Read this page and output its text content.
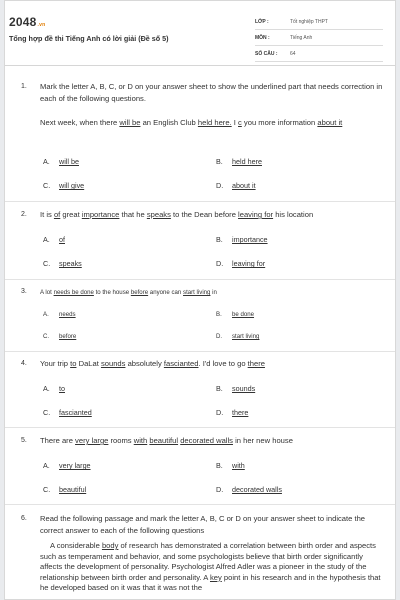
2048.vn
Tổng hợp đề thi Tiếng Anh có lời giải (Đề số 5)
LỚP :	Tốt nghiệp THPT
MÔN :	Tiếng Anh
SỐ CÂU :	64
1. Mark the letter A, B, C, or D on your answer sheet to show the underlined part that needs correction in each of the following questions.
Next week, when there will be an English Club held here. I c you more information about it
A. will be	B. held here
C. will give	D. about it
2. It is of great importance that he speaks to the Dean before leaving for his location
A. of	B. importance
C. speaks	D. leaving for
3. A lot needs be done to the house before anyone can start living in
A. needs	B. be done
C. before	D. start living
4. Your trip to DaLat sounds absolutely fascianted. I'd love to go there
A. to	B. sounds
C. fascianted	D. there
5. There are very large rooms with beautiful decorated walls in her new house
A. very large	B. with
C. beautiful	D. decorated walls
6. Read the following passage and mark the letter A, B, C or D on your answer sheet to indicate the correct answer to each of the following questions
A considerable body of research has demonstrated a correlation between birth order and aspects such as temperament and behavior, and some psychologists believe that birth order significantly affects the development of personality. Psychologist Alfred Adler was a pioneer in the study of the relationship between birth order and personality. A key point in his research and in the hypothesis that he developed based on it was that it was not the
